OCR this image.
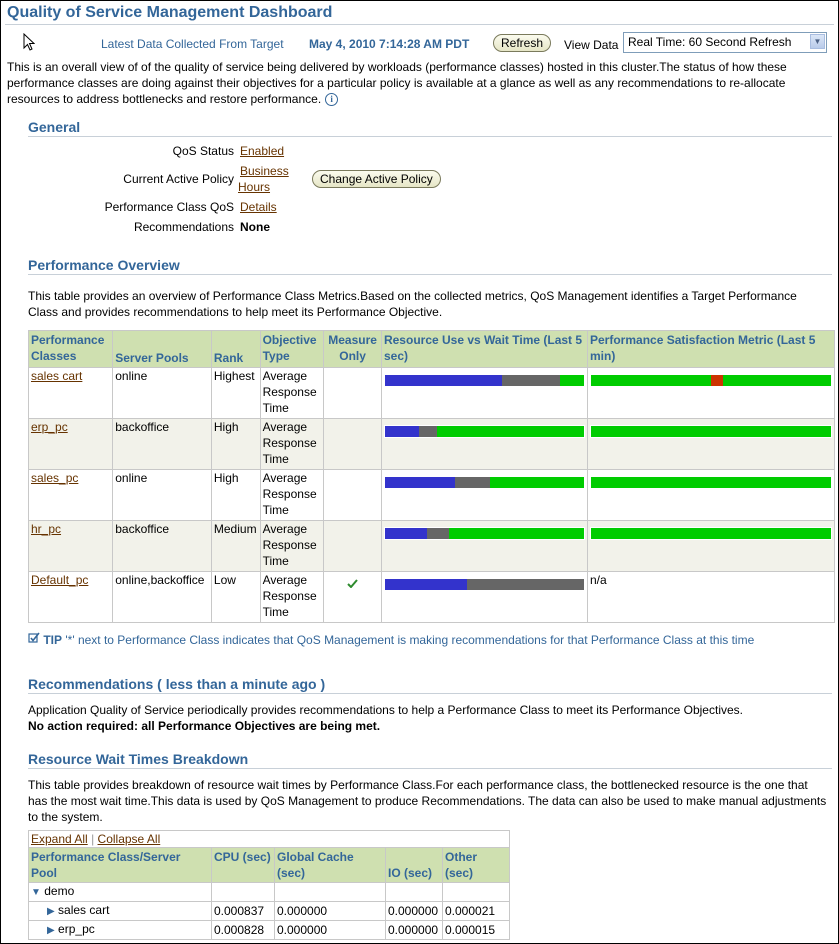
Quality of Service Management Dashboard
Latest Data Collected From Target May 4, 2010 7:14:28 AM PDT	Refresh	View Data Real Time: 60 Second Refresh	▼
This is an overall view of of the quality of service being delivered by workloads (performance classes) hosted in this cluster.The status of how these performance classes are doing against their objectives for a particular policy is available at a glance as well as any recommendations to re-allocate resources to address bottlenecks and restore performance. i
General
QoS Status Enabled
Current Active Policy
Business
Hours
Change Active Policy
Performance Class QoS Details
Recommendations None
Performance Overview
This table provides an overview of Performance Class Metrics.Based on the collected metrics, QoS Management identifies a Target Performance Class and provides recommendations to help meet its Performance Objective.
Performance Classes	Server Pools	Rank	Objective Type	Measure Only	Resource Use vs Wait Time (Last 5 sec)	Performance Satisfaction Metric (Last 5 min)
sales cart	online	Highest	Average Response Time		

erp_pc	backoffice	High	Average Response Time		

sales_pc	online	High	Average Response Time		

hr_pc	backoffice	Medium	Average Response Time		

Default_pc	online,backoffice	Low	Average Response Time			n/a
TIP '*' next to Performance Class indicates that QoS Management is making recommendations for that Performance Class at this time
Recommendations ( less than a minute ago )
Application Quality of Service periodically provides recommendations to help a Performance Class to meet its Performance Objectives.
No action required: all Performance Objectives are being met.
Resource Wait Times Breakdown
This table provides breakdown of resource wait times by Performance Class.For each performance class, the bottlenecked resource is the one that has the most wait time.This data is used by QoS Management to produce Recommendations. The data can also be used to make manual adjustments to the system.
Expand All | Collapse All				
Performance Class/Server Pool	CPU (sec)	Global Cache (sec)	IO (sec)	Other (sec)
▼ demo				
▶ sales cart	0.000837	0.000000	0.000000	0.000021
▶ erp_pc	0.000828	0.000000	0.000000	0.000015
